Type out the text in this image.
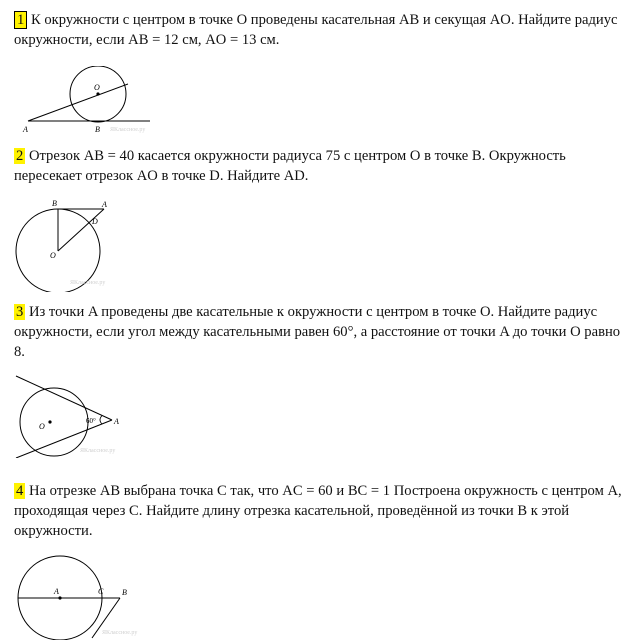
1 К окружности с центром в точке O проведены касательная AB и секущая AO. Найдите радиус окружности, если AB = 12 см, AO = 13 см.
O
A	B ЯКлассное.ру
2 Отрезок AB = 40 касается окружности радиуса 75 с центром O в точке B. Окружность пересекает отрезок AO в точке D. Найдите AD.
B	A
D
O
ЯКлассное.ру
3 Из точки A проведены две касательные к окружности с центром в точке O. Найдите радиус окружности, если угол между касательными равен 60°, а расстояние от точки A до точки O равно 8.
O
A
60°
ЯКлассное.ру
4 На отрезке AB выбрана точка C так, что AC = 60 и BC = 1 Построена окружность с центром A, проходящая через C. Найдите длину отрезка касательной, проведённой из точки B к этой окружности.
A	C B
ЯКлассное.ру
